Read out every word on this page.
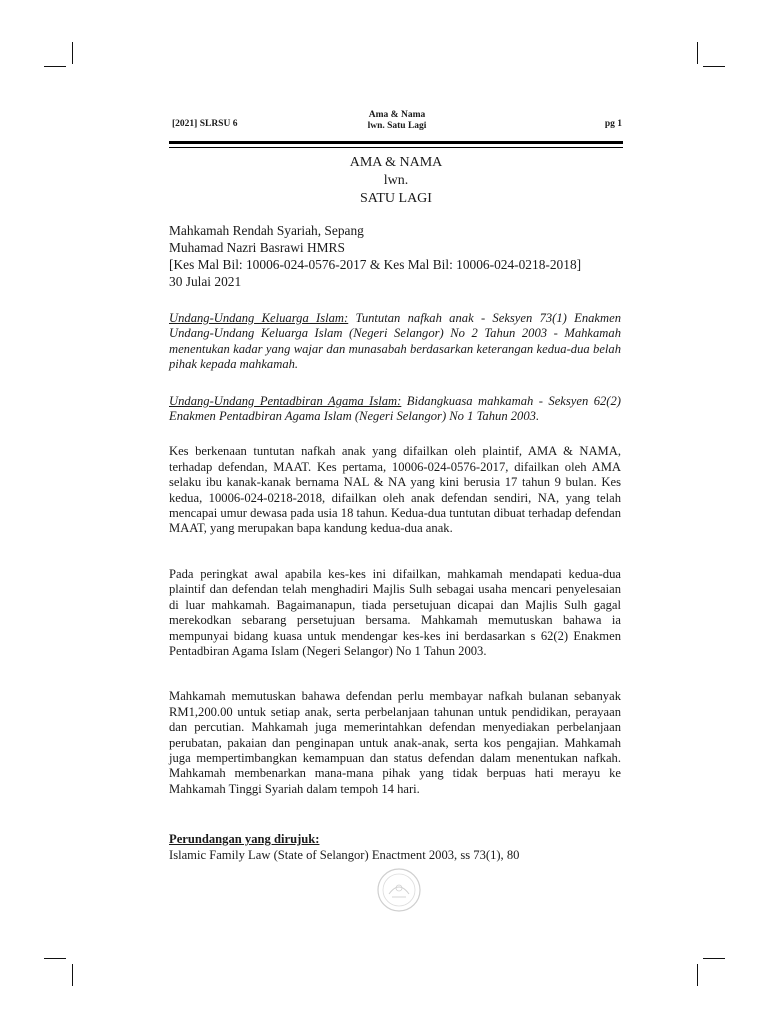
[2021] SLRSU 6
Ama & Nama
lwn. Satu Lagi	pg 1
AMA & NAMA
lwn.
SATU LAGI

Mahkamah Rendah Syariah, Sepang

Muhamad Nazri Basrawi HMRS

[Kes Mal Bil: 10006-024-0576-2017 & Kes Mal Bil: 10006-024-0218-2018]

30 Julai 2021

Undang-Undang Keluarga Islam: Tuntutan nafkah anak - Seksyen 73(1) Enakmen Undang-Undang Keluarga Islam (Negeri Selangor) No 2 Tahun 2003 - Mahkamah menentukan kadar yang wajar dan munasabah berdasarkan keterangan kedua-dua belah pihak kepada mahkamah.

Undang-Undang Pentadbiran Agama Islam: Bidangkuasa mahkamah - Seksyen 62(2) Enakmen Pentadbiran Agama Islam (Negeri Selangor) No 1 Tahun 2003.

Kes berkenaan tuntutan nafkah anak yang difailkan oleh plaintif, AMA & NAMA, terhadap defendan, MAAT. Kes pertama, 10006-024-0576-2017, difailkan oleh AMA selaku ibu kanak-kanak bernama NAL & NA yang kini berusia 17 tahun 9 bulan. Kes kedua, 10006-024-0218-2018, difailkan oleh anak defendan sendiri, NA, yang telah mencapai umur dewasa pada usia 18 tahun. Kedua-dua tuntutan dibuat terhadap defendan MAAT, yang merupakan bapa kandung kedua-dua anak.

Pada peringkat awal apabila kes-kes ini difailkan, mahkamah mendapati kedua-dua plaintif dan defendan telah menghadiri Majlis Sulh sebagai usaha mencari penyelesaian di luar mahkamah. Bagaimanapun, tiada persetujuan dicapai dan Majlis Sulh gagal merekodkan sebarang persetujuan bersama. Mahkamah memutuskan bahawa ia mempunyai bidang kuasa untuk mendengar kes-kes ini berdasarkan s 62(2) Enakmen Pentadbiran Agama Islam (Negeri Selangor) No 1 Tahun 2003.

Mahkamah memutuskan bahawa defendan perlu membayar nafkah bulanan sebanyak RM1,200.00 untuk setiap anak, serta perbelanjaan tahunan untuk pendidikan, perayaan dan percutian. Mahkamah juga memerintahkan defendan menyediakan perbelanjaan perubatan, pakaian dan penginapan untuk anak-anak, serta kos pengajian. Mahkamah juga mempertimbangkan kemampuan dan status defendan dalam menentukan nafkah. Mahkamah membenarkan mana-mana pihak yang tidak berpuas hati merayu ke Mahkamah Tinggi Syariah dalam tempoh 14 hari.

Perundangan yang dirujuk:

Islamic Family Law (State of Selangor) Enactment 2003, ss 73(1), 80
